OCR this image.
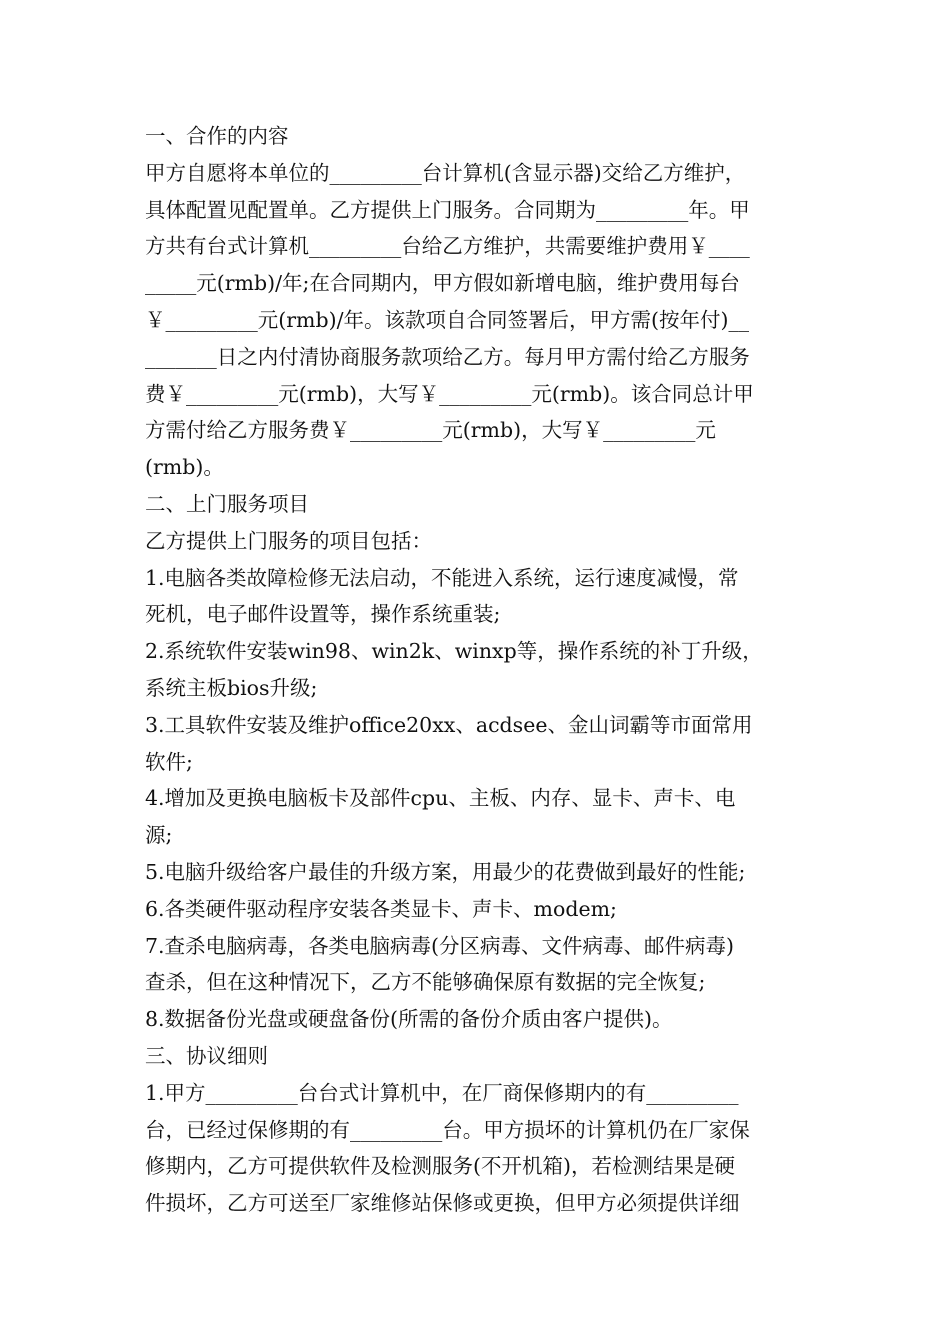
一、合作的内容
甲方自愿将本单位的_________台计算机(含显示器)交给乙方维护，
具体配置见配置单。乙方提供上门服务。合同期为_________年。甲
方共有台式计算机_________台给乙方维护，共需要维护费用￥____
_____元(rmb)/年;在合同期内，甲方假如新增电脑，维护费用每台
￥_________元(rmb)/年。该款项自合同签署后，甲方需(按年付)__
_______日之内付清协商服务款项给乙方。每月甲方需付给乙方服务
费￥_________元(rmb)，大写￥_________元(rmb)。该合同总计甲
方需付给乙方服务费￥_________元(rmb)，大写￥_________元
(rmb)。
二、上门服务项目
乙方提供上门服务的项目包括：
1.电脑各类故障检修无法启动，不能进入系统，运行速度减慢，常
死机，电子邮件设置等，操作系统重装;
2.系统软件安装win98、win2k、winxp等，操作系统的补丁升级，
系统主板bios升级;
3.工具软件安装及维护office20xx、acdsee、金山词霸等市面常用
软件;
4.增加及更换电脑板卡及部件cpu、主板、内存、显卡、声卡、电
源;
5.电脑升级给客户最佳的升级方案，用最少的花费做到最好的性能;
6.各类硬件驱动程序安装各类显卡、声卡、modem;
7.查杀电脑病毒，各类电脑病毒(分区病毒、文件病毒、邮件病毒)
查杀，但在这种情况下，乙方不能够确保原有数据的完全恢复;
8.数据备份光盘或硬盘备份(所需的备份介质由客户提供)。
三、协议细则
1.甲方_________台台式计算机中，在厂商保修期内的有_________
台，已经过保修期的有_________台。甲方损坏的计算机仍在厂家保
修期内，乙方可提供软件及检测服务(不开机箱)，若检测结果是硬
件损坏，乙方可送至厂家维修站保修或更换，但甲方必须提供详细
